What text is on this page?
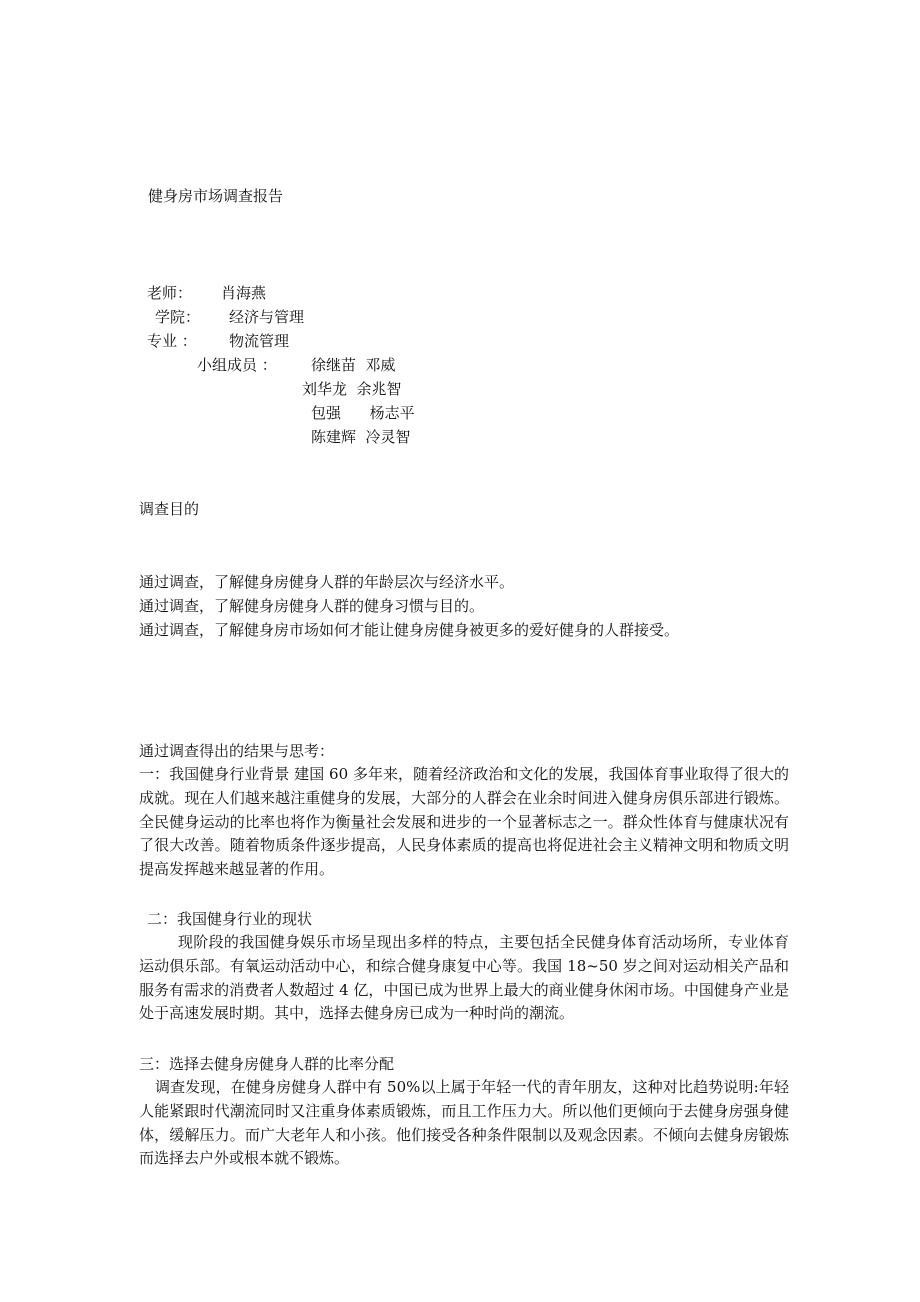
健身房市场调查报告
老师： 肖海燕
学院： 经济与管理
专业 ： 物流管理
小组成员 ： 徐继苗  邓威
刘华龙  余兆智
包强      杨志平
陈建辉  冷灵智
调查目的
通过调查，了解健身房健身人群的年龄层次与经济水平。
通过调查，了解健身房健身人群的健身习惯与目的。
通过调查，了解健身房市场如何才能让健身房健身被更多的爱好健身的人群接受。
通过调查得出的结果与思考：
一：我国健身行业背景 建国 60 多年来，随着经济政治和文化的发展，我国体育事业取得了很大的成就。现在人们越来越注重健身的发展，大部分的人群会在业余时间进入健身房俱乐部进行锻炼。全民健身运动的比率也将作为衡量社会发展和进步的一个显著标志之一。群众性体育与健康状况有了很大改善。随着物质条件逐步提高，人民身体素质的提高也将促进社会主义精神文明和物质文明提高发挥越来越显著的作用。
二：我国健身行业的现状
现阶段的我国健身娱乐市场呈现出多样的特点，主要包括全民健身体育活动场所，专业体育运动俱乐部。有氧运动活动中心，和综合健身康复中心等。我国 18~50 岁之间对运动相关产品和服务有需求的消费者人数超过 4 亿，中国已成为世界上最大的商业健身休闲市场。中国健身产业是处于高速发展时期。其中，选择去健身房已成为一种时尚的潮流。
三：选择去健身房健身人群的比率分配
调查发现，在健身房健身人群中有 50%以上属于年轻一代的青年朋友，这种对比趋势说明:年轻人能紧跟时代潮流同时又注重身体素质锻炼，而且工作压力大。所以他们更倾向于去健身房强身健体，缓解压力。而广大老年人和小孩。他们接受各种条件限制以及观念因素。不倾向去健身房锻炼而选择去户外或根本就不锻炼。
